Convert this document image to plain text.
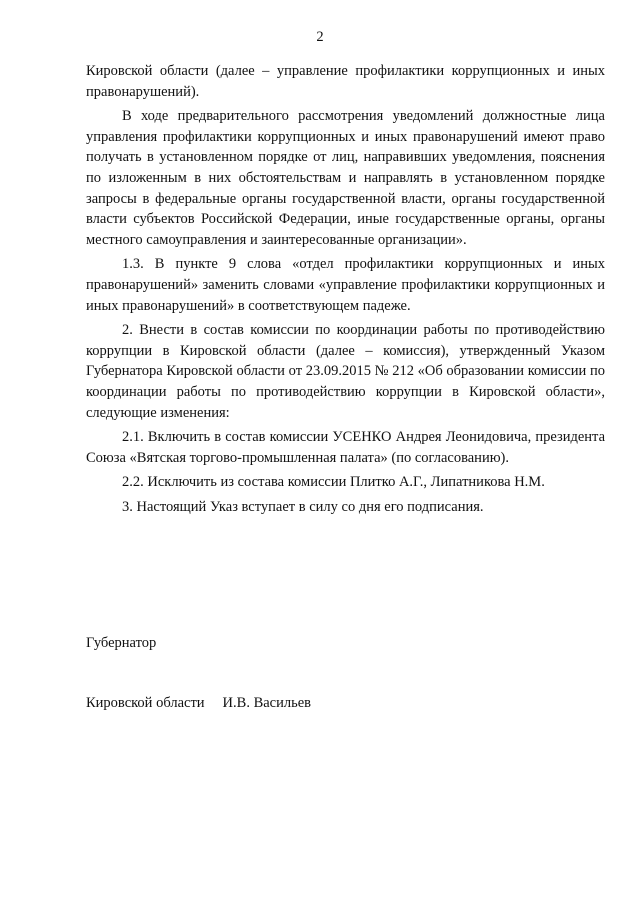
2

Кировской области (далее – управление профилактики коррупционных и иных правонарушений).

В ходе предварительного рассмотрения уведомлений должностные лица управления профилактики коррупционных и иных правонарушений имеют право получать в установленном порядке от лиц, направивших уведомления, пояснения по изложенным в них обстоятельствам и направлять в установленном порядке запросы в федеральные органы государственной власти, органы государственной власти субъектов Российской Федерации, иные государственные органы, органы местного самоуправления и заинтересованные организации».

1.3. В пункте 9 слова «отдел профилактики коррупционных и иных правонарушений» заменить словами «управление профилактики коррупционных и иных правонарушений» в соответствующем падеже.

2. Внести в состав комиссии по координации работы по противодействию коррупции в Кировской области (далее – комиссия), утвержденный Указом Губернатора Кировской области от 23.09.2015 № 212 «Об образовании комиссии по координации работы по противодействию коррупции в Кировской области», следующие изменения:

2.1. Включить в состав комиссии УСЕНКО Андрея Леонидовича, президента Союза «Вятская торгово-промышленная палата» (по согласованию).

2.2. Исключить из состава комиссии Плитко А.Г., Липатникова Н.М.

3. Настоящий Указ вступает в силу со дня его подписания.

Губернатор

Кировской области И.В. Васильев
